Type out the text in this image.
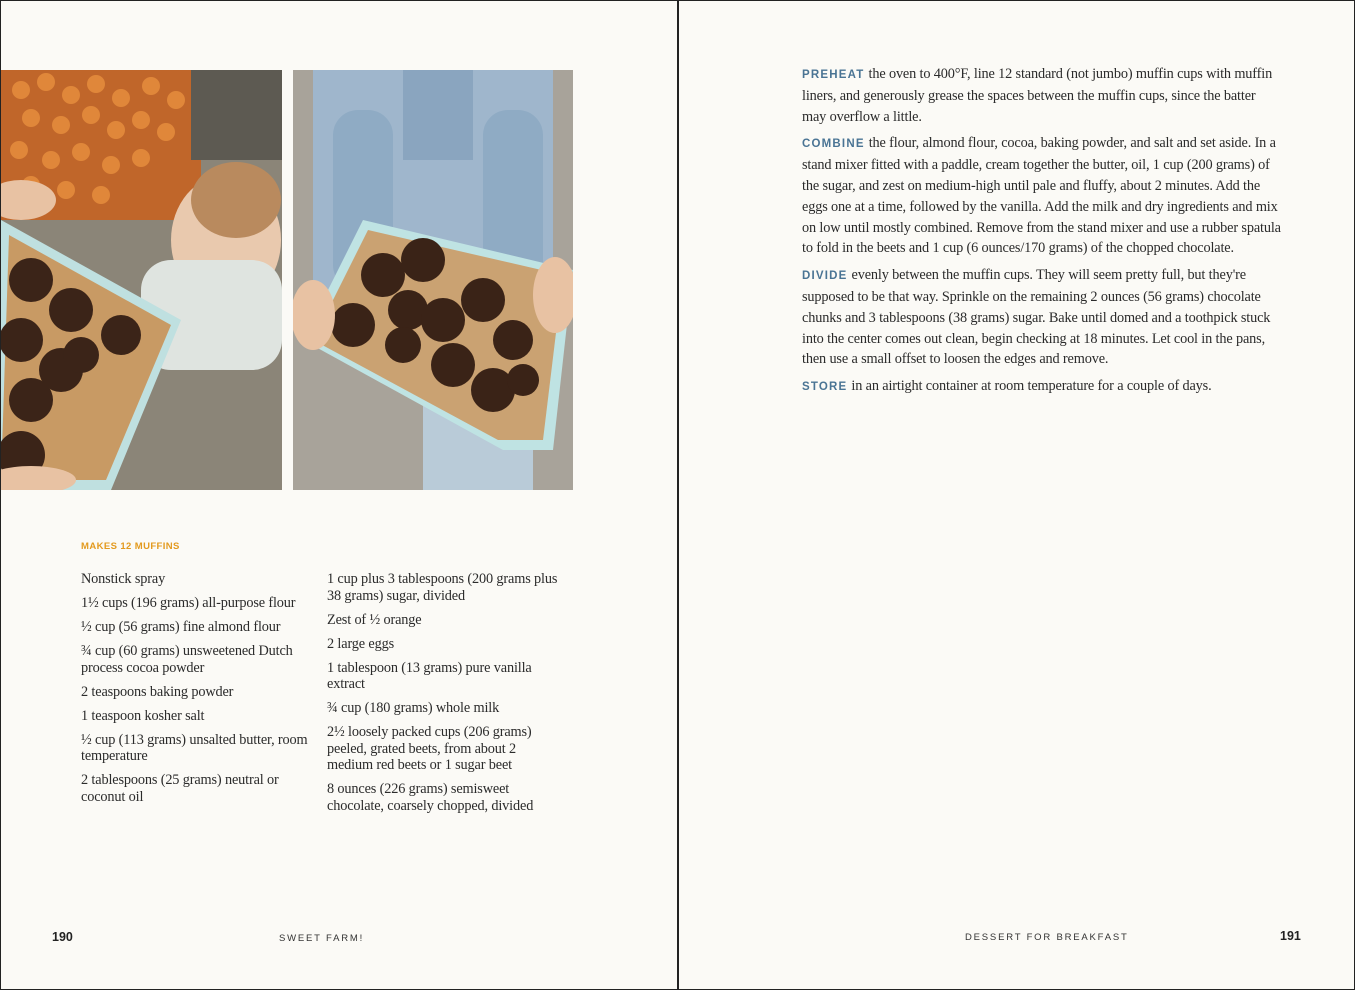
MAKES 12 MUFFINS
Nonstick spray
1½ cups (196 grams) all-purpose flour
½ cup (56 grams) fine almond flour
¾ cup (60 grams) unsweetened Dutch process cocoa powder
2 teaspoons baking powder
1 teaspoon kosher salt
½ cup (113 grams) unsalted butter, room temperature
2 tablespoons (25 grams) neutral or coconut oil
1 cup plus 3 tablespoons (200 grams plus 38 grams) sugar, divided
Zest of ½ orange
2 large eggs
1 tablespoon (13 grams) pure vanilla extract
¾ cup (180 grams) whole milk
2½ loosely packed cups (206 grams) peeled, grated beets, from about 2 medium red beets or 1 sugar beet
8 ounces (226 grams) semisweet chocolate, coarsely chopped, divided
190	SWEET FARM!

PREHEAT the oven to 400°F, line 12 standard (not jumbo) muffin cups with muffin liners, and generously grease the spaces between the muffin cups, since the batter may overflow a little.

COMBINE the flour, almond flour, cocoa, baking powder, and salt and set aside. In a stand mixer fitted with a paddle, cream together the butter, oil, 1 cup (200 grams) of the sugar, and zest on medium-high until pale and fluffy, about 2 minutes. Add the eggs one at a time, followed by the vanilla. Add the milk and dry ingredients and mix on low until mostly combined. Remove from the stand mixer and use a rubber spatula to fold in the beets and 1 cup (6 ounces/170 grams) of the chopped chocolate.

DIVIDE evenly between the muffin cups. They will seem pretty full, but they're supposed to be that way. Sprinkle on the remaining 2 ounces (56 grams) chocolate chunks and 3 tablespoons (38 grams) sugar. Bake until domed and a toothpick stuck into the center comes out clean, begin checking at 18 minutes. Let cool in the pans, then use a small offset to loosen the edges and remove.

STORE in an airtight container at room temperature for a couple of days.

DESSERT FOR BREAKFAST	191
